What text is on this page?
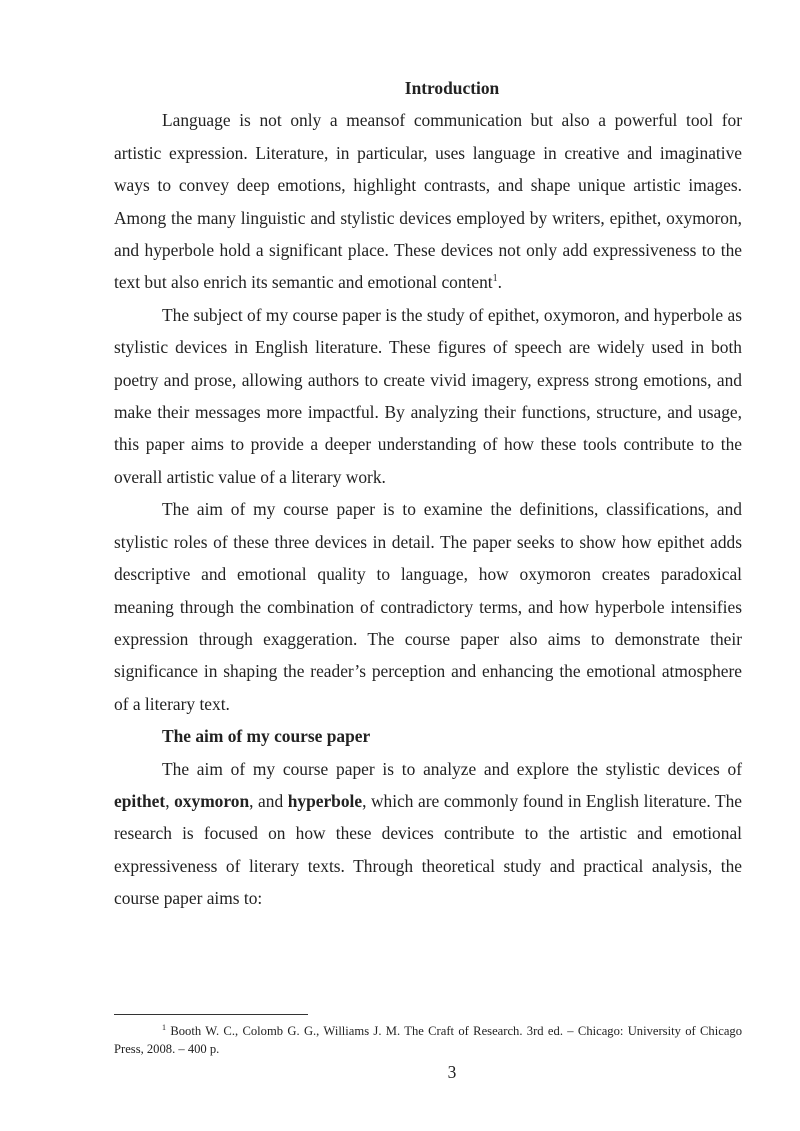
Introduction

Language is not only a meansof communication but also a powerful tool for artistic expression. Literature, in particular, uses language in creative and imaginative ways to convey deep emotions, highlight contrasts, and shape unique artistic images. Among the many linguistic and stylistic devices employed by writers, epithet, oxymoron, and hyperbole hold a significant place. These devices not only add expressiveness to the text but also enrich its semantic and emotional content$^1$.

The subject of my course paper is the study of epithet, oxymoron, and hyperbole as stylistic devices in English literature. These figures of speech are widely used in both poetry and prose, allowing authors to create vivid imagery, express strong emotions, and make their messages more impactful. By analyzing their functions, structure, and usage, this paper aims to provide a deeper understanding of how these tools contribute to the overall artistic value of a literary work.

The aim of my course paper is to examine the definitions, classifications, and stylistic roles of these three devices in detail. The paper seeks to show how epithet adds descriptive and emotional quality to language, how oxymoron creates paradoxical meaning through the combination of contradictory terms, and how hyperbole intensifies expression through exaggeration. The course paper also aims to demonstrate their significance in shaping the reader’s perception and enhancing the emotional atmosphere of a literary text.

The aim of my course paper

The aim of my course paper is to analyze and explore the stylistic devices of epithet, oxymoron, and hyperbole, which are commonly found in English literature. The research is focused on how these devices contribute to the artistic and emotional expressiveness of literary texts. Through theoretical study and practical analysis, the course paper aims to:

$^1$ Booth W. C., Colomb G. G., Williams J. M. The Craft of Research. 3rd ed. – Chicago: University of Chicago Press, 2008. – 400 p.

3
